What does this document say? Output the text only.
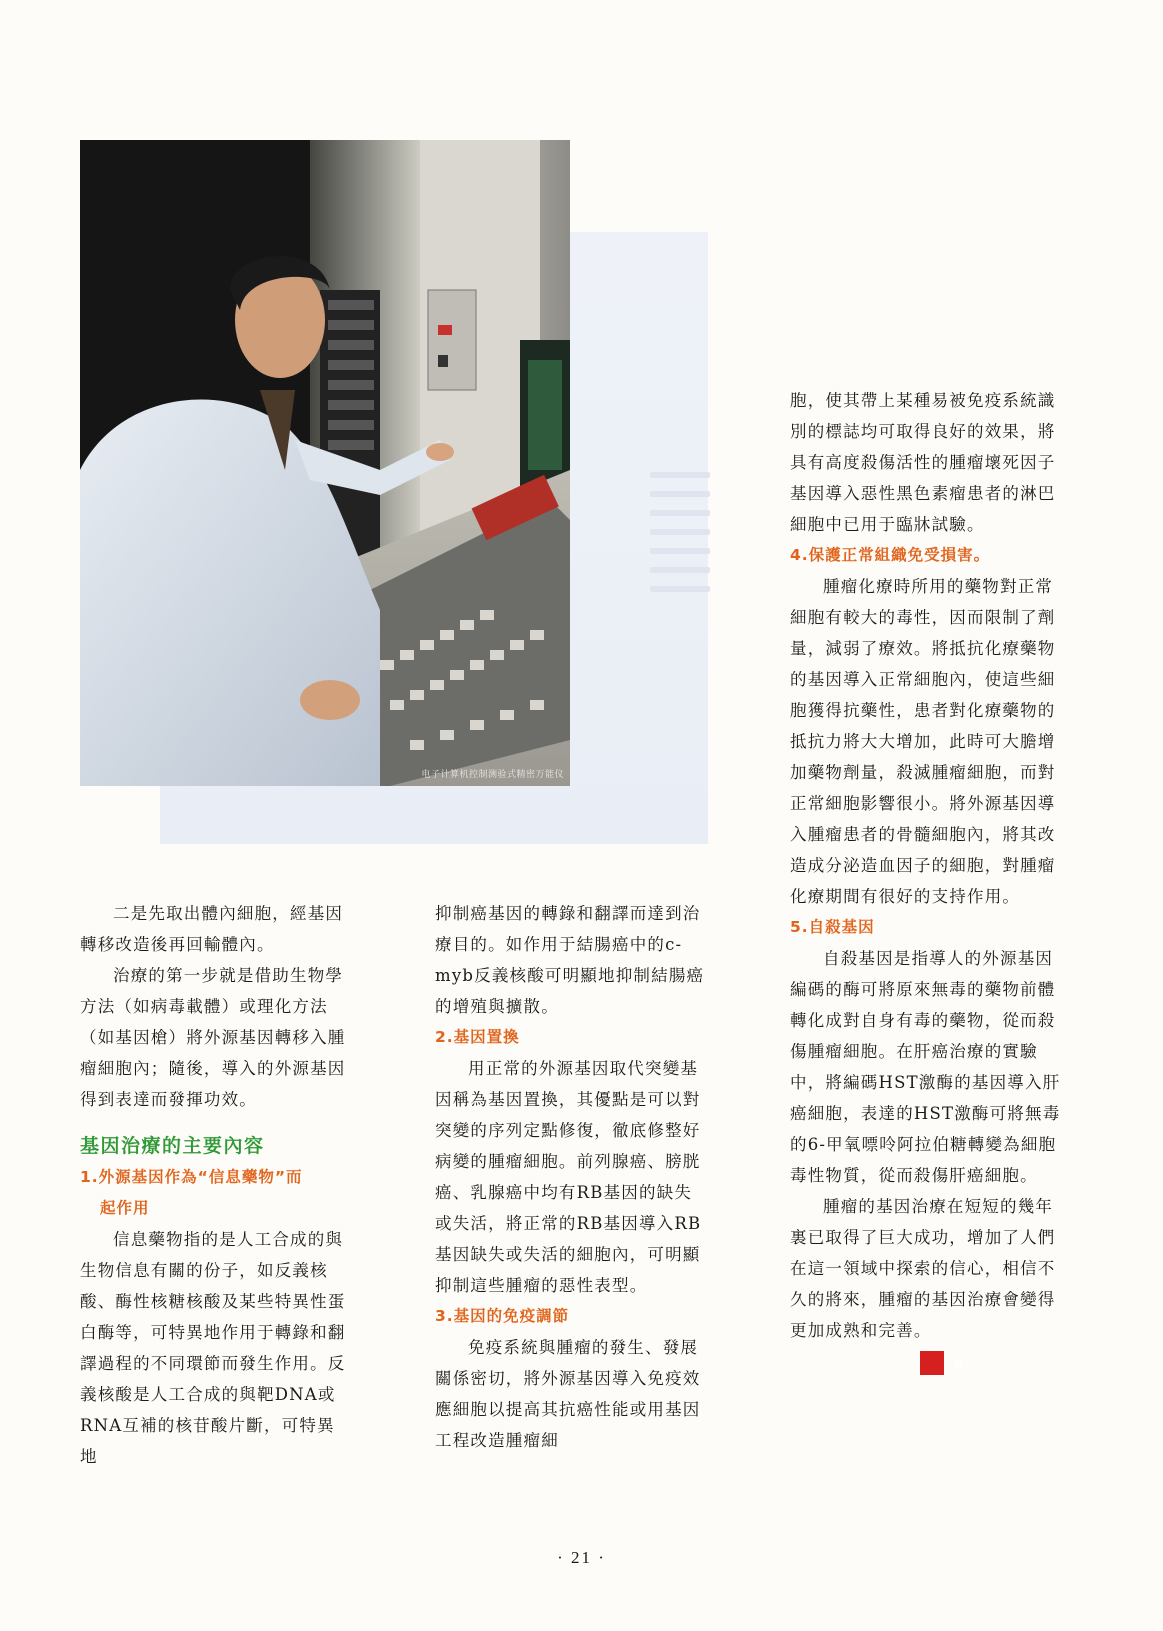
电子计算机控制测验式精密万能仪

二是先取出體內細胞，經基因轉移改造後再回輸體內。

治療的第一步就是借助生物學方法（如病毒載體）或理化方法（如基因槍）將外源基因轉移入腫瘤細胞內；隨後，導入的外源基因得到表達而發揮功效。

基因治療的主要內容

1.外源基因作為“信息藥物”而

起作用

信息藥物指的是人工合成的與生物信息有關的份子，如反義核酸、酶性核糖核酸及某些特異性蛋白酶等，可特異地作用于轉錄和翻譯過程的不同環節而發生作用。反義核酸是人工合成的與靶DNA或RNA互補的核苷酸片斷，可特異地

抑制癌基因的轉錄和翻譯而達到治療目的。如作用于結腸癌中的c-myb反義核酸可明顯地抑制結腸癌的增殖與擴散。

2.基因置換

用正常的外源基因取代突變基因稱為基因置換，其優點是可以對突變的序列定點修復，徹底修整好病變的腫瘤細胞。前列腺癌、膀胱癌、乳腺癌中均有RB基因的缺失或失活，將正常的RB基因導入RB基因缺失或失活的細胞內，可明顯抑制這些腫瘤的惡性表型。

3.基因的免疫調節

免疫系統與腫瘤的發生、發展關係密切，將外源基因導入免疫效應細胞以提高其抗癌性能或用基因工程改造腫瘤細

胞，使其帶上某種易被免疫系統識別的標誌均可取得良好的效果，將具有高度殺傷活性的腫瘤壞死因子基因導入惡性黑色素瘤患者的淋巴細胞中已用于臨牀試驗。

4.保護正常組織免受損害。

腫瘤化療時所用的藥物對正常細胞有較大的毒性，因而限制了劑量，減弱了療效。將抵抗化療藥物的基因導入正常細胞內，使這些細胞獲得抗藥性，患者對化療藥物的抵抗力將大大增加，此時可大膽增加藥物劑量，殺滅腫瘤細胞，而對正常細胞影響很小。將外源基因導入腫瘤患者的骨髓細胞內，將其改造成分泌造血因子的細胞，對腫瘤化療期間有很好的支持作用。

5.自殺基因

自殺基因是指導人的外源基因編碼的酶可將原來無毒的藥物前體轉化成對自身有毒的藥物，從而殺傷腫瘤細胞。在肝癌治療的實驗中，將編碼HST激酶的基因導入肝癌細胞，表達的HST激酶可將無毒的6-甲氧嘌呤阿拉伯糖轉變為細胞毒性物質，從而殺傷肝癌細胞。

腫瘤的基因治療在短短的幾年裏已取得了巨大成功，增加了人們在這一領域中探索的信心，相信不久的將來，腫瘤的基因治療會變得更加成熟和完善。▦

· 21 ·
